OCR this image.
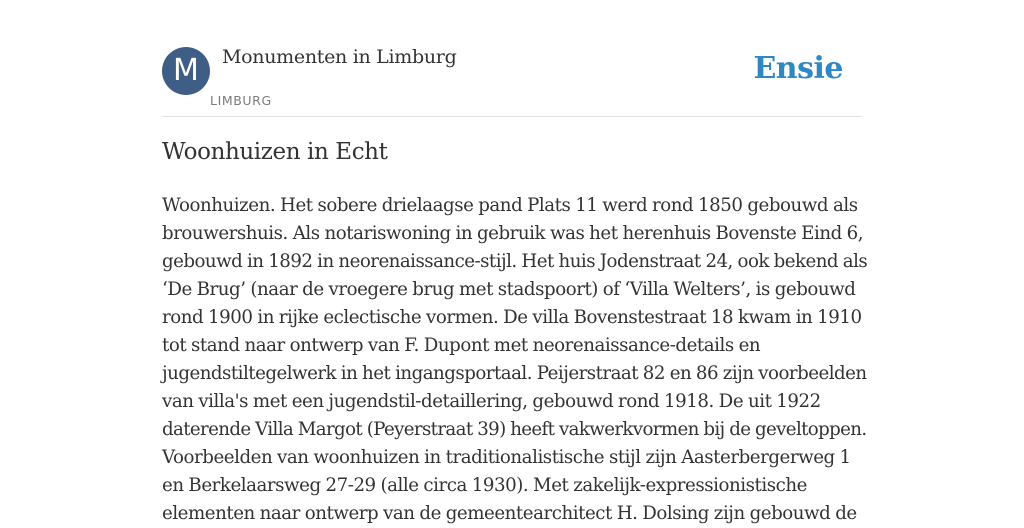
M	Monumenten in Limburg
LIMBURG
Ensie
Woonhuizen in Echt
Woonhuizen. Het sobere drielaagse pand Plats 11 werd rond 1850 gebouwd als
brouwershuis. Als notariswoning in gebruik was het herenhuis Bovenste Eind 6,
gebouwd in 1892 in neorenaissance-stijl. Het huis Jodenstraat 24, ook bekend als
‘De Brug’ (naar de vroegere brug met stadspoort) of ‘Villa Welters’, is gebouwd
rond 1900 in rijke eclectische vormen. De villa Bovenstestraat 18 kwam in 1910
tot stand naar ontwerp van F. Dupont met neorenaissance-details en
jugendstiltegelwerk in het ingangsportaal. Peijerstraat 82 en 86 zijn voorbeelden
van villa's met een jugendstil-detaillering, gebouwd rond 1918. De uit 1922
daterende Villa Margot (Peyerstraat 39) heeft vakwerkvormen bij de geveltoppen.
Voorbeelden van woonhuizen in traditionalistische stijl zijn Aasterbergerweg 1
en Berkelaarsweg 27-29 (alle circa 1930). Met zakelijk-expressionistische
elementen naar ontwerp van de gemeentearchitect H. Dolsing zijn gebouwd de
